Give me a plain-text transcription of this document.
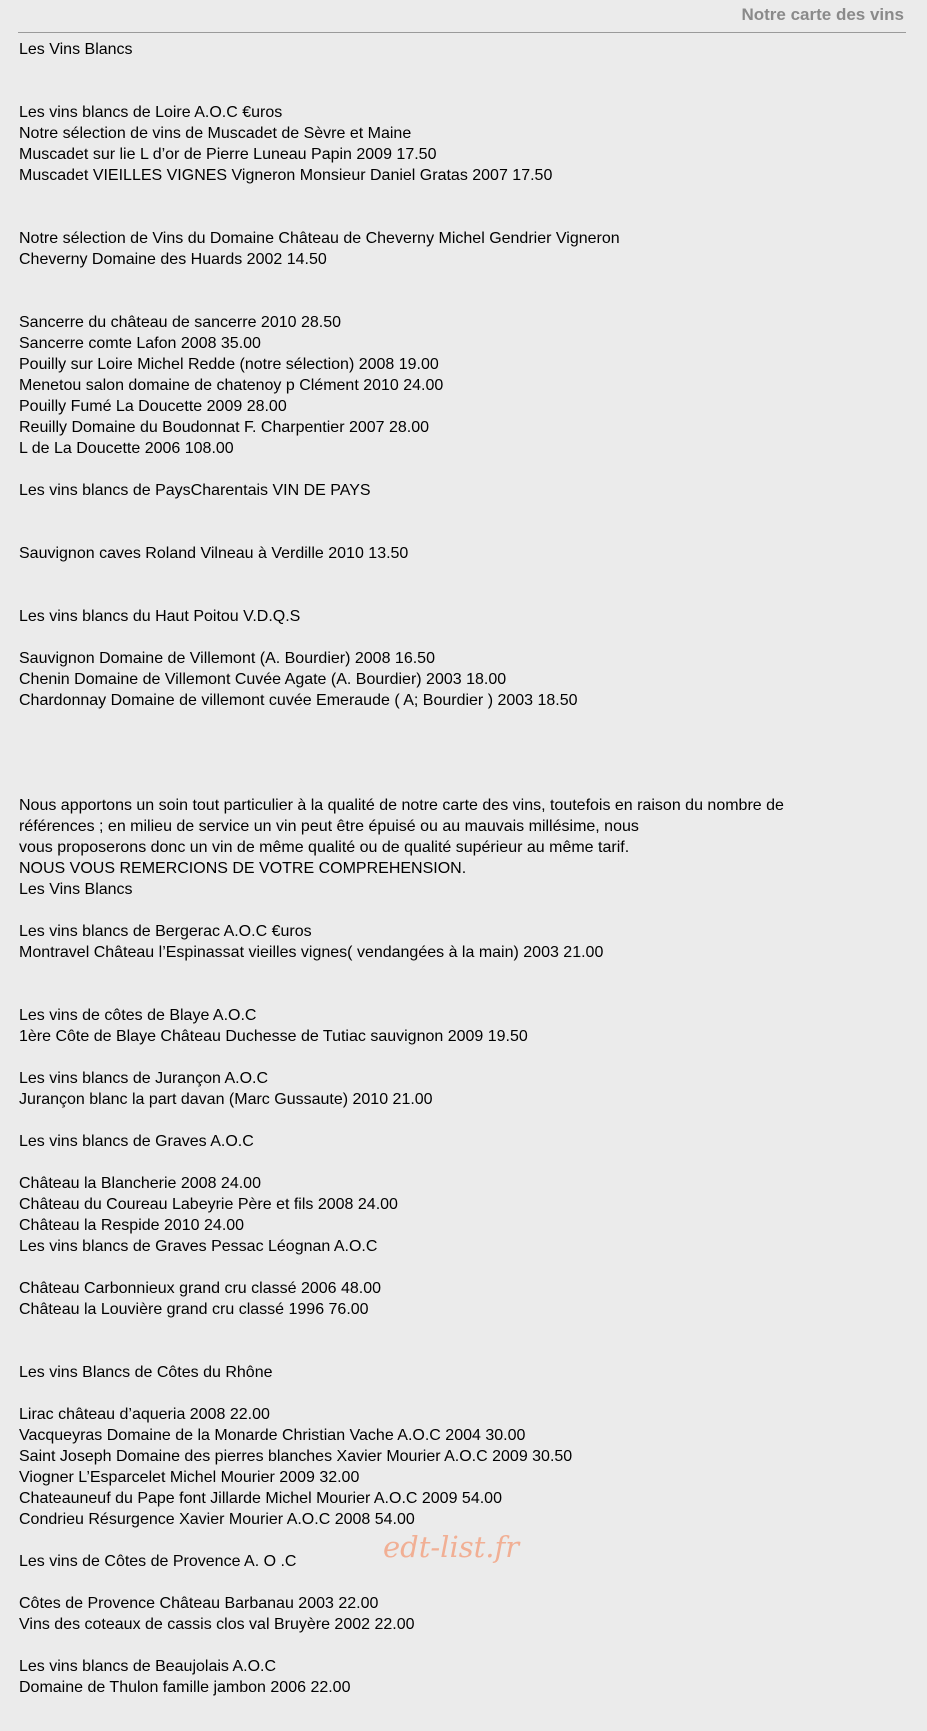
Notre carte des vins
Les Vins Blancs
Les vins blancs de Loire A.O.C €uros
Notre sélection de vins de Muscadet de Sèvre et Maine
Muscadet sur lie L d’or de Pierre Luneau Papin 2009 17.50
Muscadet VIEILLES VIGNES Vigneron Monsieur Daniel Gratas 2007 17.50
Notre sélection de Vins du Domaine Château de Cheverny Michel Gendrier Vigneron
Cheverny Domaine des Huards 2002 14.50
Sancerre du château de sancerre 2010 28.50
Sancerre comte Lafon 2008 35.00
Pouilly sur Loire Michel Redde (notre sélection) 2008 19.00
Menetou salon domaine de chatenoy p Clément 2010 24.00
Pouilly Fumé La Doucette 2009 28.00
Reuilly Domaine du Boudonnat F. Charpentier 2007 28.00
L de La Doucette 2006 108.00
Les vins blancs de PaysCharentais VIN DE PAYS
Sauvignon caves Roland Vilneau à Verdille 2010 13.50
Les vins blancs du Haut Poitou V.D.Q.S
Sauvignon Domaine de Villemont (A. Bourdier) 2008 16.50
Chenin Domaine de Villemont Cuvée Agate (A. Bourdier) 2003 18.00
Chardonnay Domaine de villemont cuvée Emeraude ( A; Bourdier ) 2003 18.50
Nous apportons un soin tout particulier à la qualité de notre carte des vins, toutefois en raison du nombre de
références ; en milieu de service un vin peut être épuisé ou au mauvais millésime, nous
vous proposerons donc un vin de même qualité ou de qualité supérieur au même tarif.
NOUS VOUS REMERCIONS DE VOTRE COMPREHENSION.
Les Vins Blancs
Les vins blancs de Bergerac A.O.C €uros
Montravel Château l’Espinassat vieilles vignes( vendangées à la main) 2003 21.00
Les vins de côtes de Blaye A.O.C
1ère Côte de Blaye Château Duchesse de Tutiac sauvignon 2009 19.50
Les vins blancs de Jurançon A.O.C
Jurançon blanc la part davan (Marc Gussaute) 2010 21.00
Les vins blancs de Graves A.O.C
Château la Blancherie 2008 24.00
Château du Coureau Labeyrie Père et fils 2008 24.00
Château la Respide 2010 24.00
Les vins blancs de Graves Pessac Léognan A.O.C
Château Carbonnieux grand cru classé 2006 48.00
Château la Louvière grand cru classé 1996 76.00
Les vins Blancs de Côtes du Rhône
Lirac château d’aqueria 2008 22.00
Vacqueyras Domaine de la Monarde Christian Vache A.O.C 2004 30.00
Saint Joseph Domaine des pierres blanches Xavier Mourier A.O.C 2009 30.50
Viogner L’Esparcelet Michel Mourier 2009 32.00
Chateauneuf du Pape font Jillarde Michel Mourier A.O.C 2009 54.00
Condrieu Résurgence Xavier Mourier A.O.C 2008 54.00
Les vins de Côtes de Provence A. O .C
Côtes de Provence Château Barbanau 2003 22.00
Vins des coteaux de cassis clos val Bruyère 2002 22.00
Les vins blancs de Beaujolais A.O.C
Domaine de Thulon famille jambon 2006 22.00
edt-list.fr
